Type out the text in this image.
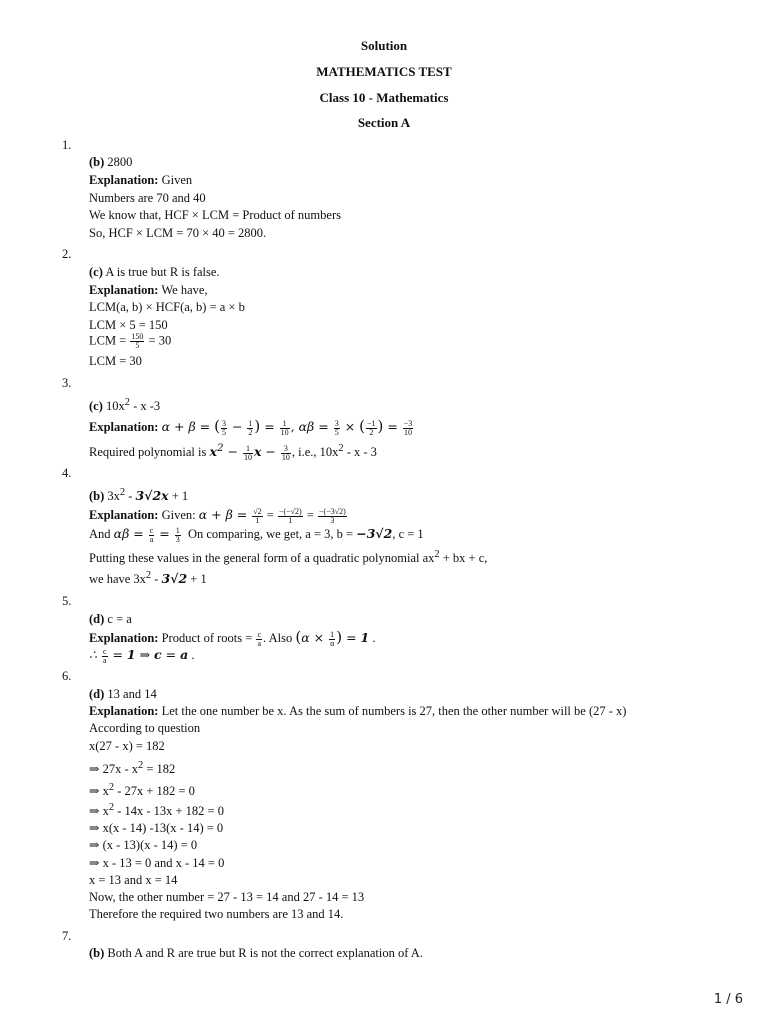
Solution
MATHEMATICS TEST
Class 10 - Mathematics
Section A
1.
(b) 2800
Explanation: Given
Numbers are 70 and 40
We know that, HCF × LCM = Product of numbers
So, HCF × LCM = 70 × 40 = 2800.
2.
(c) A is true but R is false.
Explanation: We have,
LCM(a, b) × HCF(a, b) = a × b
LCM × 5 = 150
LCM = $\frac{150}{5} = 30$
LCM = 30
3.
(c) $10x^2$ - x -3
Explanation: α + β = ( $\frac{3}{5} - \frac{1}{2}$ ) = $\frac{1}{10}$ , $\alpha\beta = \frac{3}{5}$ × ( $\frac{-1}{2}$ ) = $\frac{-3}{10}$
Required polynomial is $x^2 - \frac{1}{10}$ $x - \frac{3}{10}$ , i.e., $10x^2$ - x - 3
4.
(b) $3x^2 - 3√2x + 1$
Explanation: Given: $\alpha + \beta = \frac{√2}{1} = \frac{-(-√2)}{1} = \frac{-(-3√2)}{3}$
And $\alpha\beta = \frac{c}{a} = \frac{1}{3}$ On comparing, we get, a = 3, b = −3√2, c = 1
Putting these values in the general form of a quadratic polynomial $ax^2$ + bx + c,
we have $3x^2 - 3√2 + 1$
5.
(d) c = a
Explanation: Product of roots = $\frac{c}{a}$ . Also ($\alpha \times \frac{1}{\alpha}$ ) = 1 .
∴ $\frac{c}{a} = 1$ ⇒ c = a .
6.
(d) 13 and 14
Explanation: Let the one number be x. As the sum of numbers is 27, then the other number will be (27 - x)
According to question
x(27 - x) = 182
⇒ $27x - x^2 = 182$
⇒ $x^2 - 27x + 182 = 0$
⇒ $x^2 - 14x - 13x + 182 = 0$
⇒ x(x - 14) -13(x - 14) = 0
⇒ (x - 13)(x - 14) = 0
⇒ x - 13 = 0 and x - 14 = 0
x = 13 and x = 14
Now, the other number = 27 - 13 = 14 and 27 - 14 = 13
Therefore the required two numbers are 13 and 14.
7.
(b) Both A and R are true but R is not the correct explanation of A.
1 / 6
